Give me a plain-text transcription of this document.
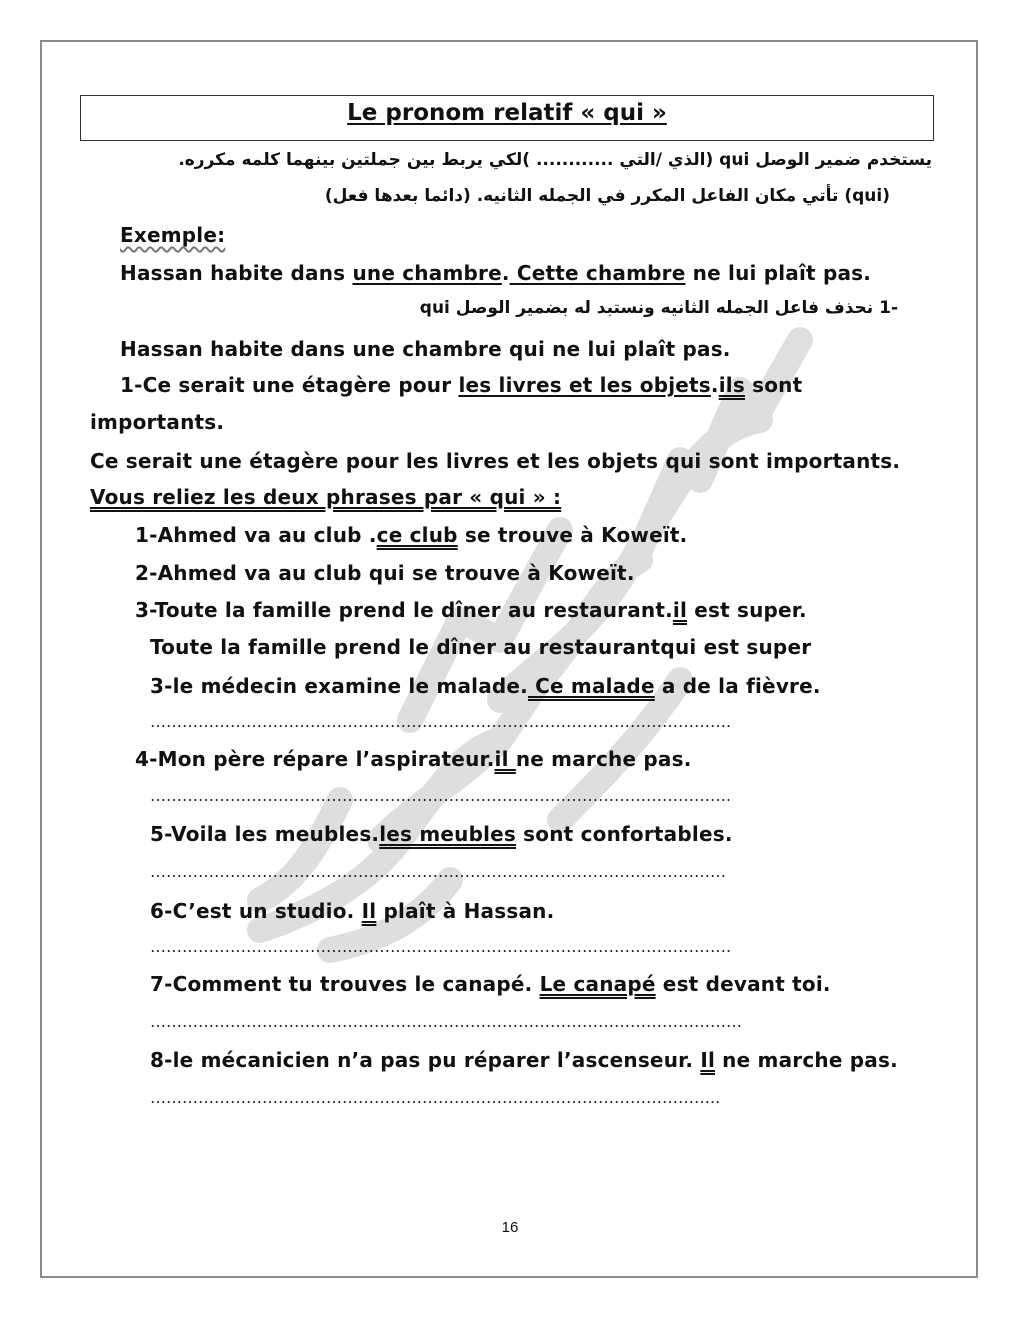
Le pronom relatif « qui »
يستخدم ضمير الوصل qui (الذي /التي ............ )لكي يربط بين جملتين بينهما كلمه مكرره.
(qui) تأتي مكان الفاعل المكرر في الجمله الثانيه. (دائما بعدها فعل)
Exemple:
Hassan habite dans une chambre. Cette chambre ne lui plaît pas.
-1 نحذف فاعل الجمله الثانيه ونستبد له بضمير الوصل qui
Hassan habite dans une chambre qui ne lui plaît pas.
1-Ce serait une étagère pour les livres et les objets.ils sont
importants.
Ce serait une étagère pour les livres et les objets qui sont importants.
Vous reliez les deux phrases par « qui » :
1-Ahmed va au club .ce club se trouve à Koweït.
2-Ahmed va au club qui se trouve à Koweït.
3-Toute la famille prend le dîner au restaurant.il est super.
Toute la famille prend le dîner au restaurantqui est super
3-le médecin examine le malade. Ce malade a de la fièvre.
……………………………………………………………………………………………….
4-Mon père répare l’aspirateur.il ne marche pas.
……………………………………………………………………………………………….
5-Voila les meubles.les meubles sont confortables.
………………………………………………………………………………………………
6-C’est un studio. Il plaît à Hassan.
……………………………………………………………………………………………….
7-Comment tu trouves le canapé. Le canapé est devant toi.
…………………………………………………………………………………………………
8-le mécanicien n’a pas pu réparer l’ascenseur. Il ne marche pas.
……………………………………………………………………………………………..
16
